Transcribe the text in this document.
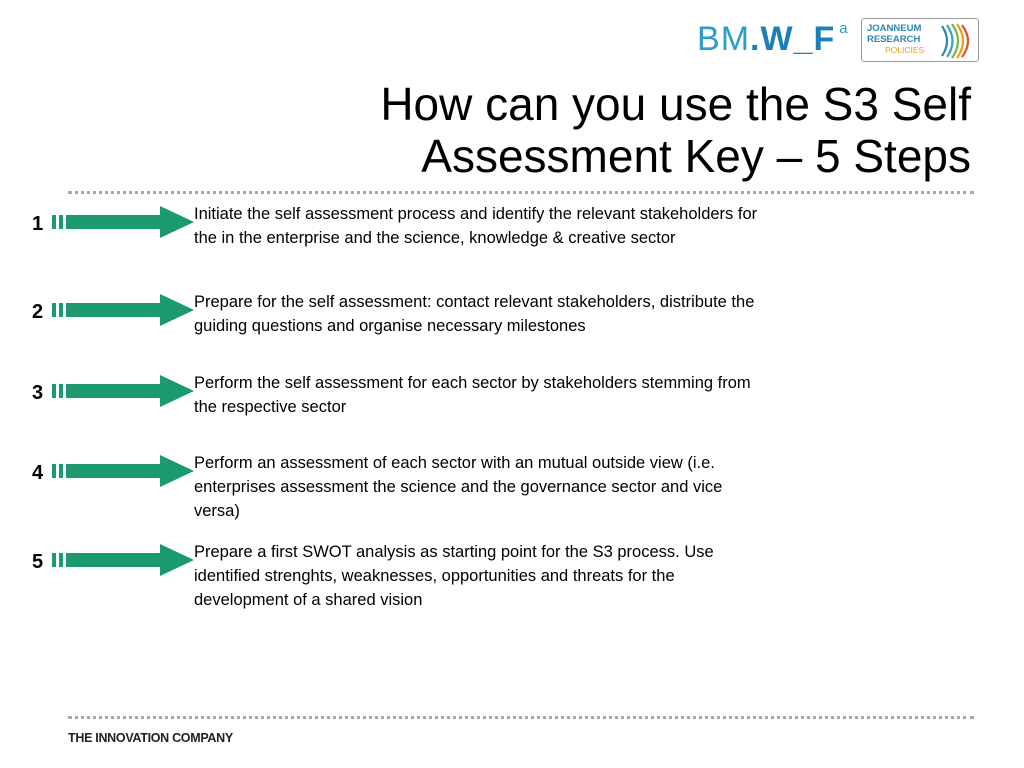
B M . W _ F a JOANNEUM
RESEARCH
POLICIES
How can you use the S3 Self
Assessment Key – 5 Steps
1	Initiate the self assessment process and identify the relevant stakeholders for the in the enterprise and the science, knowledge & creative sector
2	Prepare for the self assessment: contact relevant stakeholders, distribute the guiding questions and organise necessary milestones
3	Perform the self assessment for each sector by stakeholders stemming from the respective sector
4	Perform an assessment of each sector with an mutual outside view (i.e. enterprises assessment the science and the governance sector and vice versa)
5	Prepare a first SWOT analysis as starting point for the S3 process. Use identified strenghts, weaknesses, opportunities and threats for the development of a shared vision
THE INNOVATION COMPANY
